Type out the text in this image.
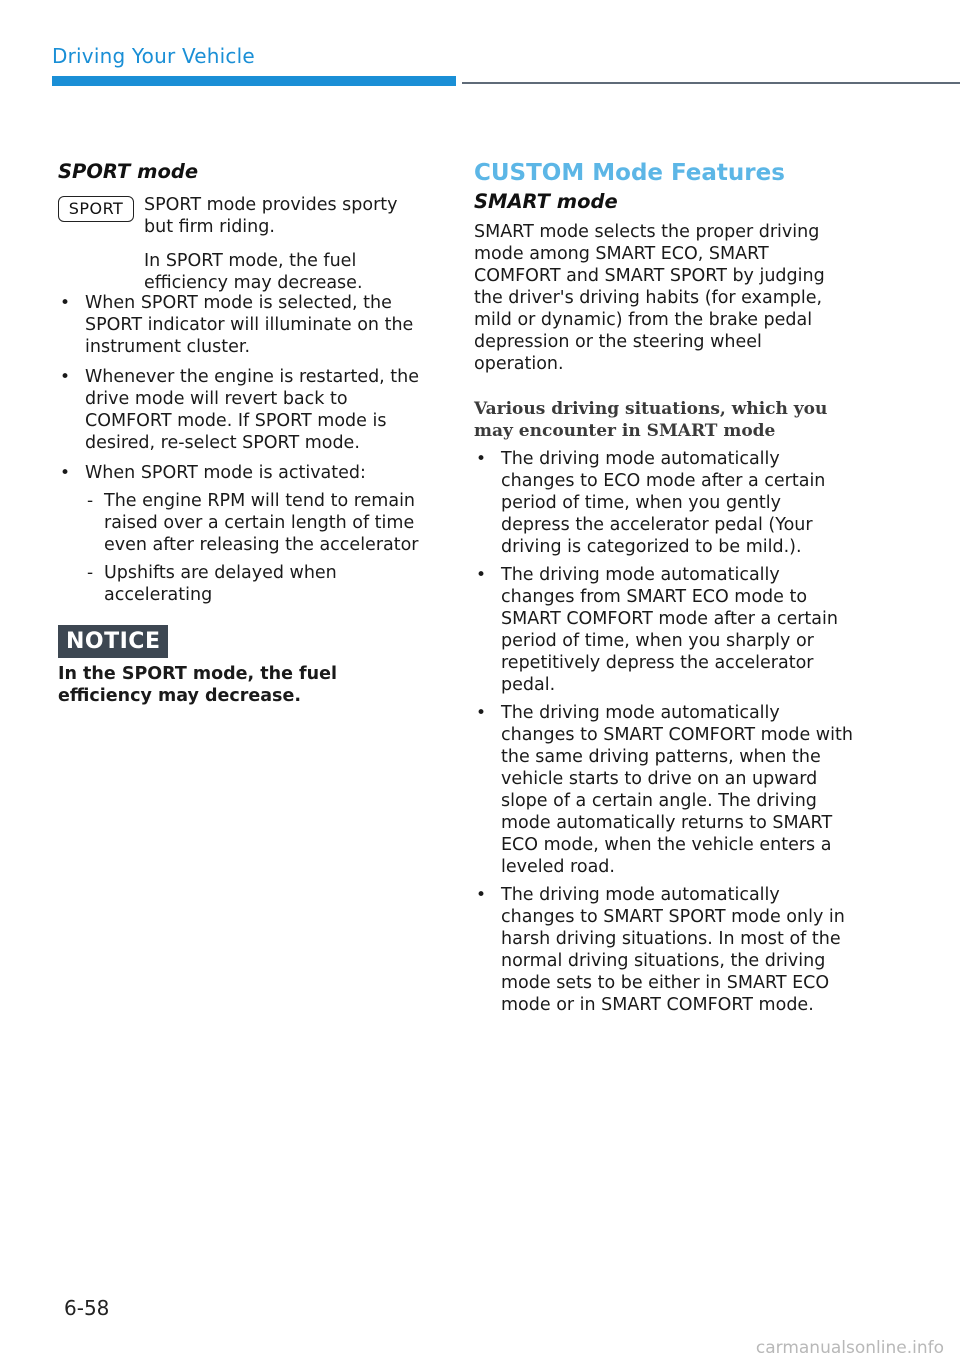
Driving Your Vehicle
SPORT mode
SPORT	SPORT mode provides sporty but firm riding.

In SPORT mode, the fuel efficiency may decrease.

• When SPORT mode is selected, the SPORT indicator will illuminate on the instrument cluster.
• Whenever the engine is restarted, the drive mode will revert back to COMFORT mode. If SPORT mode is desired, re-select SPORT mode.
• When SPORT mode is activated:
- The engine RPM will tend to remain raised over a certain length of time even after releasing the accelerator
- Upshifts are delayed when accelerating
NOTICE

In the SPORT mode, the fuel efficiency may decrease.

CUSTOM Mode Features
SMART mode

SMART mode selects the proper driving mode among SMART ECO, SMART COMFORT and SMART SPORT by judging the driver's driving habits (for example, mild or dynamic) from the brake pedal depression or the steering wheel operation.

Various driving situations, which you may encounter in SMART mode

• The driving mode automatically changes to ECO mode after a certain period of time, when you gently depress the accelerator pedal (Your driving is categorized to be mild.).
• The driving mode automatically changes from SMART ECO mode to SMART COMFORT mode after a certain period of time, when you sharply or repetitively depress the accelerator pedal.
• The driving mode automatically changes to SMART COMFORT mode with the same driving patterns, when the vehicle starts to drive on an upward slope of a certain angle. The driving mode automatically returns to SMART ECO mode, when the vehicle enters a leveled road.
• The driving mode automatically changes to SMART SPORT mode only in harsh driving situations. In most of the normal driving situations, the driving mode sets to be either in SMART ECO mode or in SMART COMFORT mode.
6-58
carmanualsonline.info
